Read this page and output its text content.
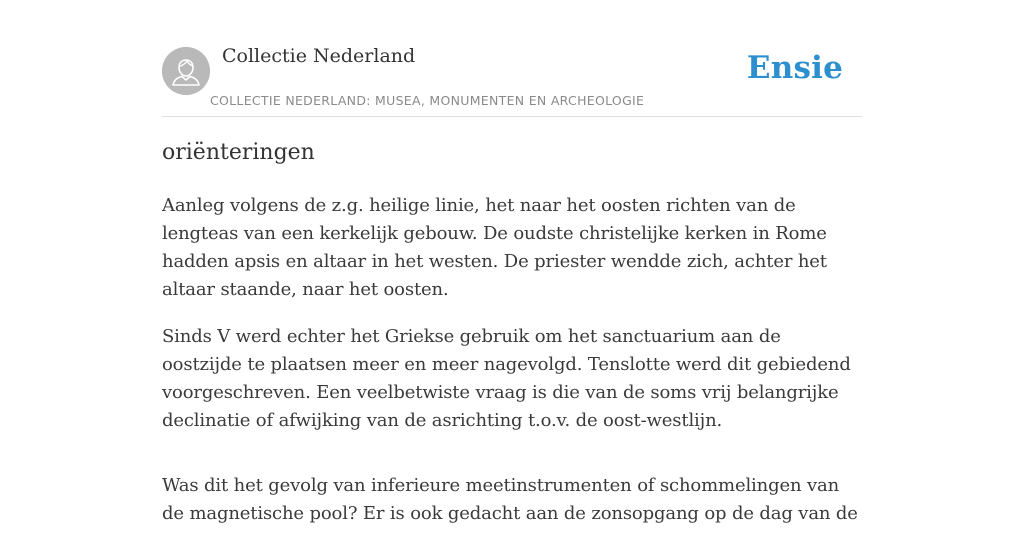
Collectie Nederland
COLLECTIE NEDERLAND: MUSEA, MONUMENTEN EN ARCHEOLOGIE
Ensie
oriënteringen

Aanleg volgens de z.g. heilige linie, het naar het oosten richten van de lengteas van een kerkelijk gebouw. De oudste christelijke kerken in Rome hadden apsis en altaar in het westen. De priester wendde zich, achter het altaar staande, naar het oosten.

Sinds V werd echter het Griekse gebruik om het sanctuarium aan de oostzijde te plaatsen meer en meer nagevolgd. Tenslotte werd dit gebiedend voorgeschreven. Een veelbetwiste vraag is die van de soms vrij belangrijke declinatie of afwijking van de asrichting t.o.v. de oost-westlijn.

Was dit het gevolg van inferieure meetinstrumenten of schommelingen van de magnetische pool? Er is ook gedacht aan de zonsopgang op de dag van de
